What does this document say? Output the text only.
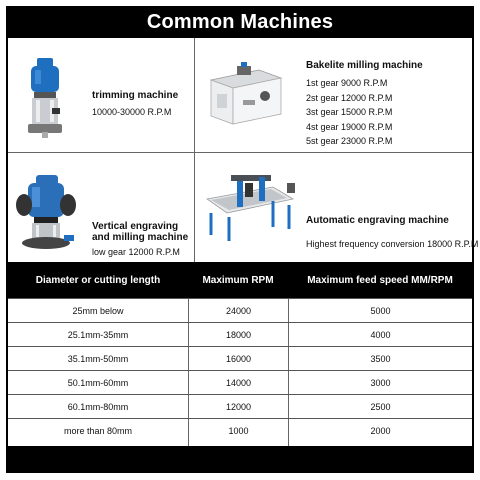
Common Machines
trimming machine
10000-30000 R.P.M
Bakelite milling machine
1st gear 9000 R.P.M
2st gear 12000 R.P.M
3st gear 15000 R.P.M
4st gear 19000 R.P.M
5st gear 23000 R.P.M
Vertical engraving
and milling machine
low gear 12000 R.P.M
Automatic engraving machine
Highest frequency conversion 18000 R.P.M
Diameter or cutting length	Maximum RPM	Maximum feed speed MM/RPM
25mm below	24000	5000
25.1mm-35mm	18000	4000
35.1mm-50mm	16000	3500
50.1mm-60mm	14000	3000
60.1mm-80mm	12000	2500
more than 80mm	1000	2000
